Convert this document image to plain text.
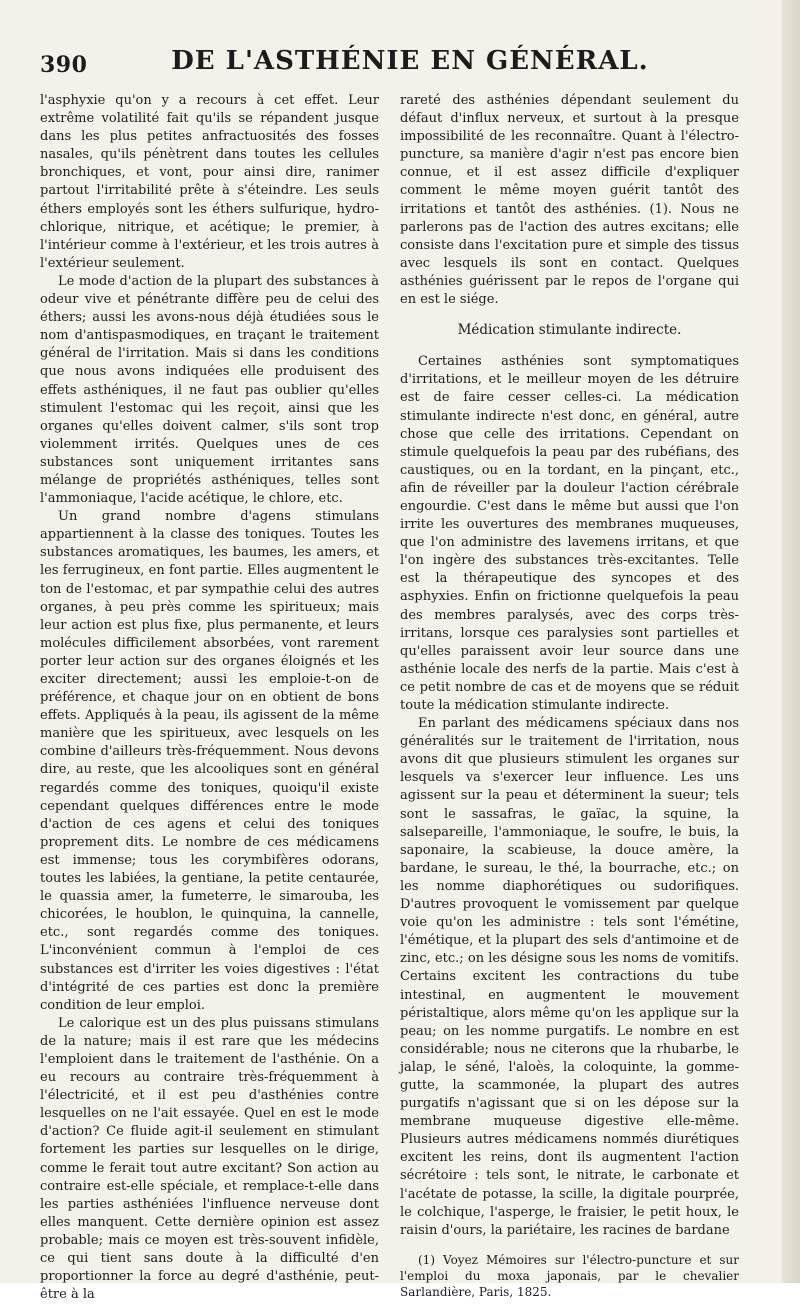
390	DE L'ASTHÉNIE EN GÉNÉRAL.

l'asphyxie qu'on y a recours à cet effet. Leur extrême volatilité fait qu'ils se répandent jusque dans les plus petites anfractuosités des fosses nasales, qu'ils pénètrent dans toutes les cellules bronchiques, et vont, pour ainsi dire, ranimer partout l'irritabilité prête à s'éteindre. Les seuls éthers employés sont les éthers sulfurique, hydro-chlorique, nitrique, et acétique; le premier, à l'intérieur comme à l'extérieur, et les trois autres à l'extérieur seulement.

Le mode d'action de la plupart des substances à odeur vive et pénétrante diffère peu de celui des éthers; aussi les avons-nous déjà étudiées sous le nom d'antispasmodiques, en traçant le traitement général de l'irritation. Mais si dans les conditions que nous avons indiquées elle produisent des effets asthéniques, il ne faut pas oublier qu'elles stimulent l'estomac qui les reçoit, ainsi que les organes qu'elles doivent calmer, s'ils sont trop violemment irrités. Quelques unes de ces substances sont uniquement irritantes sans mélange de propriétés asthéniques, telles sont l'ammoniaque, l'acide acétique, le chlore, etc.

Un grand nombre d'agens stimulans appartiennent à la classe des toniques. Toutes les substances aromatiques, les baumes, les amers, et les ferrugineux, en font partie. Elles augmentent le ton de l'estomac, et par sympathie celui des autres organes, à peu près comme les spiritueux; mais leur action est plus fixe, plus permanente, et leurs molécules difficilement absorbées, vont rarement porter leur action sur des organes éloignés et les exciter directement; aussi les emploie-t-on de préférence, et chaque jour on en obtient de bons effets. Appliqués à la peau, ils agissent de la même manière que les spiritueux, avec lesquels on les combine d'ailleurs très-fréquemment. Nous devons dire, au reste, que les alcooliques sont en général regardés comme des toniques, quoiqu'il existe cependant quelques différences entre le mode d'action de ces agens et celui des toniques proprement dits. Le nombre de ces médicamens est immense; tous les corymbifères odorans, toutes les labiées, la gentiane, la petite centaurée, le quassia amer, la fumeterre, le simarouba, les chicorées, le houblon, le quinquina, la cannelle, etc., sont regardés comme des toniques. L'inconvénient commun à l'emploi de ces substances est d'irriter les voies digestives : l'état d'intégrité de ces parties est donc la première condition de leur emploi.

Le calorique est un des plus puissans stimulans de la nature; mais il est rare que les médecins l'emploient dans le traitement de l'asthénie. On a eu recours au contraire très-fréquemment à l'électricité, et il est peu d'asthénies contre lesquelles on ne l'ait essayée. Quel en est le mode d'action? Ce fluide agit-il seulement en stimulant fortement les parties sur lesquelles on le dirige, comme le ferait tout autre excitant? Son action au contraire est-elle spéciale, et remplace-t-elle dans les parties asthéniées l'influence nerveuse dont elles manquent. Cette dernière opinion est assez probable; mais ce moyen est très-souvent infidèle, ce qui tient sans doute à la difficulté d'en proportionner la force au degré d'asthénie, peut-être à la

rareté des asthénies dépendant seulement du défaut d'influx nerveux, et surtout à la presque impossibilité de les reconnaître. Quant à l'électro-puncture, sa manière d'agir n'est pas encore bien connue, et il est assez difficile d'expliquer comment le même moyen guérit tantôt des irritations et tantôt des asthénies. (1). Nous ne parlerons pas de l'action des autres excitans; elle consiste dans l'excitation pure et simple des tissus avec lesquels ils sont en contact. Quelques asthénies guérissent par le repos de l'organe qui en est le siége.

Médication stimulante indirecte.

Certaines asthénies sont symptomatiques d'irritations, et le meilleur moyen de les détruire est de faire cesser celles-ci. La médication stimulante indirecte n'est donc, en général, autre chose que celle des irritations. Cependant on stimule quelquefois la peau par des rubéfians, des caustiques, ou en la tordant, en la pinçant, etc., afin de réveiller par la douleur l'action cérébrale engourdie. C'est dans le même but aussi que l'on irrite les ouvertures des membranes muqueuses, que l'on administre des lavemens irritans, et que l'on ingère des substances très-excitantes. Telle est la thérapeutique des syncopes et des asphyxies. Enfin on frictionne quelquefois la peau des membres paralysés, avec des corps très-irritans, lorsque ces paralysies sont partielles et qu'elles paraissent avoir leur source dans une asthénie locale des nerfs de la partie. Mais c'est à ce petit nombre de cas et de moyens que se réduit toute la médication stimulante indirecte.

En parlant des médicamens spéciaux dans nos généralités sur le traitement de l'irritation, nous avons dit que plusieurs stimulent les organes sur lesquels va s'exercer leur influence. Les uns agissent sur la peau et déterminent la sueur; tels sont le sassafras, le gaïac, la squine, la salsepareille, l'ammoniaque, le soufre, le buis, la saponaire, la scabieuse, la douce amère, la bardane, le sureau, le thé, la bourrache, etc.; on les nomme diaphorétiques ou sudorifiques. D'autres provoquent le vomissement par quelque voie qu'on les administre : tels sont l'émétine, l'émétique, et la plupart des sels d'antimoine et de zinc, etc.; on les désigne sous les noms de vomitifs. Certains excitent les contractions du tube intestinal, en augmentent le mouvement péristaltique, alors même qu'on les applique sur la peau; on les nomme purgatifs. Le nombre en est considérable; nous ne citerons que la rhubarbe, le jalap, le séné, l'aloès, la coloquinte, la gomme-gutte, la scammonée, la plupart des autres purgatifs n'agissant que si on les dépose sur la membrane muqueuse digestive elle-même. Plusieurs autres médicamens nommés diurétiques excitent les reins, dont ils augmentent l'action sécrétoire : tels sont, le nitrate, le carbonate et l'acétate de potasse, la scille, la digitale pourprée, le colchique, l'asperge, le fraisier, le petit houx, le raisin d'ours, la pariétaire, les racines de bardane

(1) Voyez Mémoires sur l'électro-puncture et sur l'emploi du moxa japonais, par le chevalier Sarlandière, Paris, 1825.
